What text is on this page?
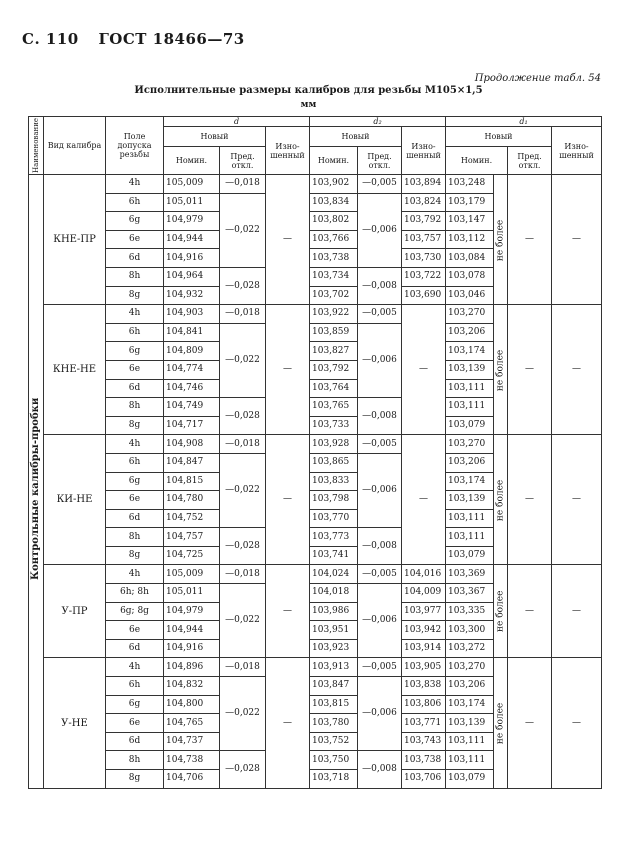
С. 110 ГОСТ 18466—73
Продолжение табл. 54
Исполнительные размеры калибров для резьбы M105×1,5
мм
Контрольные калибры-пробки
Наименование	Вид калибра	Поле допуска резьбы	d			d₂			d₁			
			Новый		Изно-шенный	Новый		Изно-шенный	Новый			Изно-шенный
			Номин.	Пред. откл.		Номин.	Пред. откл.		Номин.		Пред. откл.	
	КНЕ-ПР	4h	105,009	—0,018	—	103,902	—0,005	103,894	103,248	не более	—	—
		6h	105,011	—0,022		103,834	—0,006	103,824	103,179			
		6g	104,979			103,802		103,792	103,147			
		6e	104,944			103,766		103,757	103,112			
		6d	104,916			103,738		103,730	103,084			
		8h	104,964	—0,028		103,734	—0,008	103,722	103,078			
		8g	104,932			103,702		103,690	103,046			
	КНЕ-НЕ	4h	104,903	—0,018	—	103,922	—0,005	—	103,270	не более	—	—
		6h	104,841	—0,022		103,859	—0,006		103,206			
		6g	104,809			103,827			103,174			
		6e	104,774			103,792			103,139			
		6d	104,746			103,764			103,111			
		8h	104,749	—0,028		103,765	—0,008		103,111			
		8g	104,717			103,733			103,079			
	КИ-НЕ	4h	104,908	—0,018	—	103,928	—0,005	—	103,270	не более	—	—
		6h	104,847	—0,022		103,865	—0,006		103,206			
		6g	104,815			103,833			103,174			
		6e	104,780			103,798			103,139			
		6d	104,752			103,770			103,111			
		8h	104,757	—0,028		103,773	—0,008		103,111			
		8g	104,725			103,741			103,079			
	У-ПР	4h	105,009	—0,018	—	104,024	—0,005	104,016	103,369	не более	—	—
		6h; 8h	105,011	—0,022		104,018	—0,006	104,009	103,367			
		6g; 8g	104,979			103,986		103,977	103,335			
		6e	104,944			103,951		103,942	103,300			
		6d	104,916			103,923		103,914	103,272			
	У-НЕ	4h	104,896	—0,018	—	103,913	—0,005	103,905	103,270	не более	—	—
		6h	104,832	—0,022		103,847	—0,006	103,838	103,206			
		6g	104,800			103,815		103,806	103,174			
		6e	104,765			103,780		103,771	103,139			
		6d	104,737			103,752		103,743	103,111			
		8h	104,738	—0,028		103,750	—0,008	103,738	103,111			
		8g	104,706			103,718		103,706	103,079			
